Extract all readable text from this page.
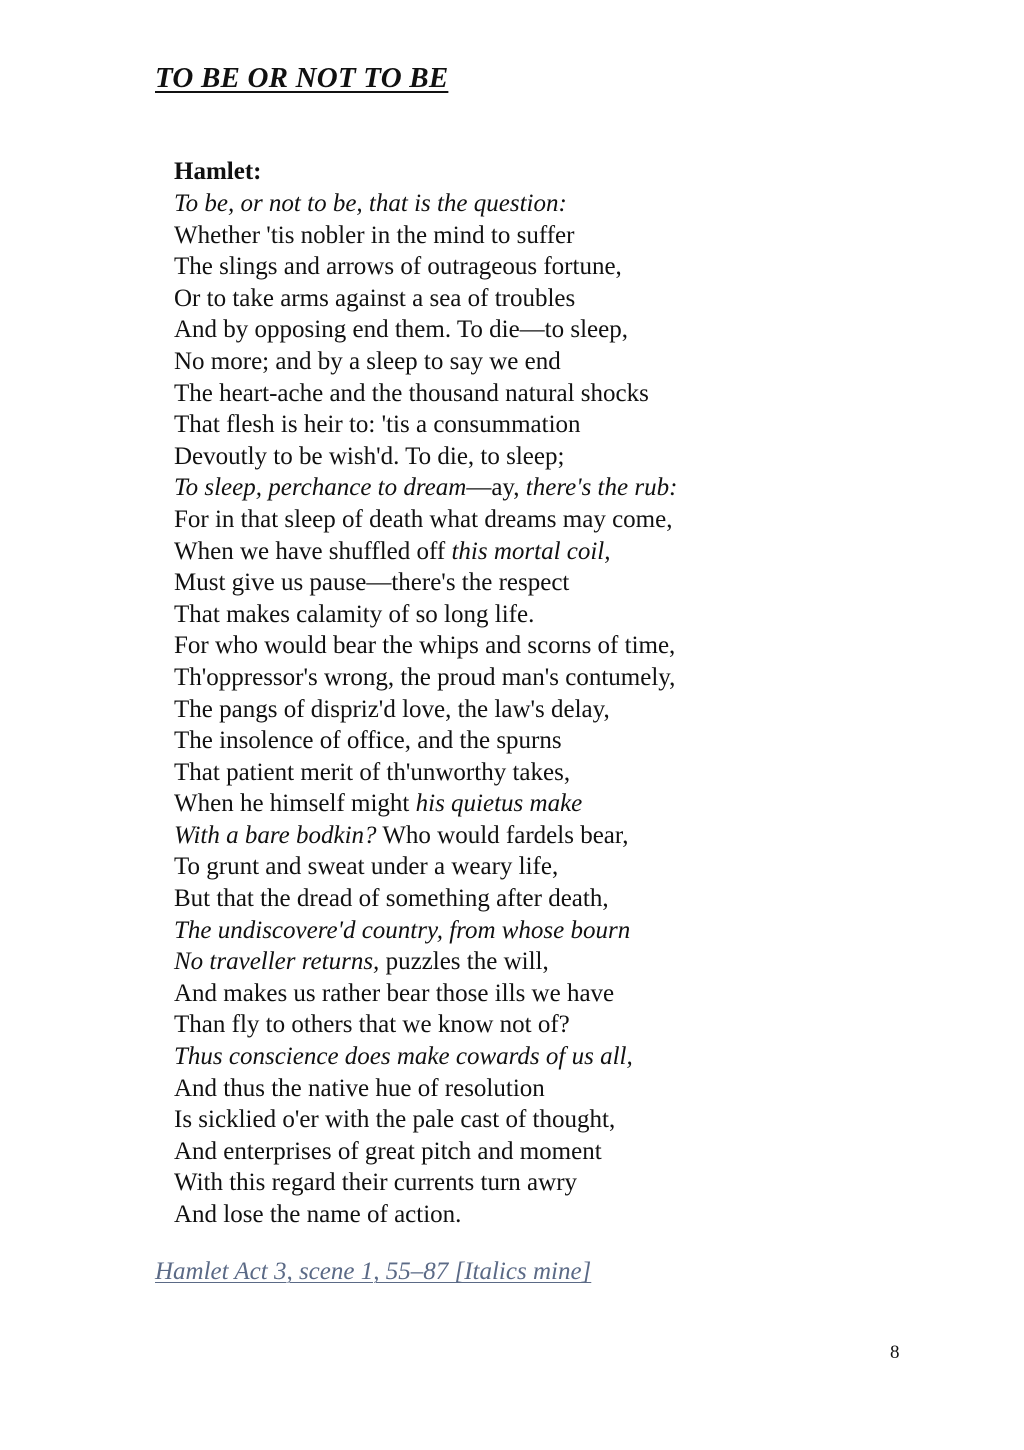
TO BE OR NOT TO BE

Hamlet:

To be, or not to be, that is the question:
Whether 'tis nobler in the mind to suffer
The slings and arrows of outrageous fortune,
Or to take arms against a sea of troubles
And by opposing end them. To die—to sleep,
No more; and by a sleep to say we end
The heart-ache and the thousand natural shocks
That flesh is heir to: 'tis a consummation
Devoutly to be wish'd. To die, to sleep;
To sleep, perchance to dream—ay, there's the rub:
For in that sleep of death what dreams may come,
When we have shuffled off this mortal coil,
Must give us pause—there's the respect
That makes calamity of so long life.
For who would bear the whips and scorns of time,
Th'oppressor's wrong, the proud man's contumely,
The pangs of dispriz'd love, the law's delay,
The insolence of office, and the spurns
That patient merit of th'unworthy takes,
When he himself might his quietus make
With a bare bodkin? Who would fardels bear,
To grunt and sweat under a weary life,
But that the dread of something after death,
The undiscovere'd country, from whose bourn
No traveller returns, puzzles the will,
And makes us rather bear those ills we have
Than fly to others that we know not of?
Thus conscience does make cowards of us all,
And thus the native hue of resolution
Is sicklied o'er with the pale cast of thought,
And enterprises of great pitch and moment
With this regard their currents turn awry
And lose the name of action.
Hamlet Act 3, scene 1, 55–87 [Italics mine]
8
